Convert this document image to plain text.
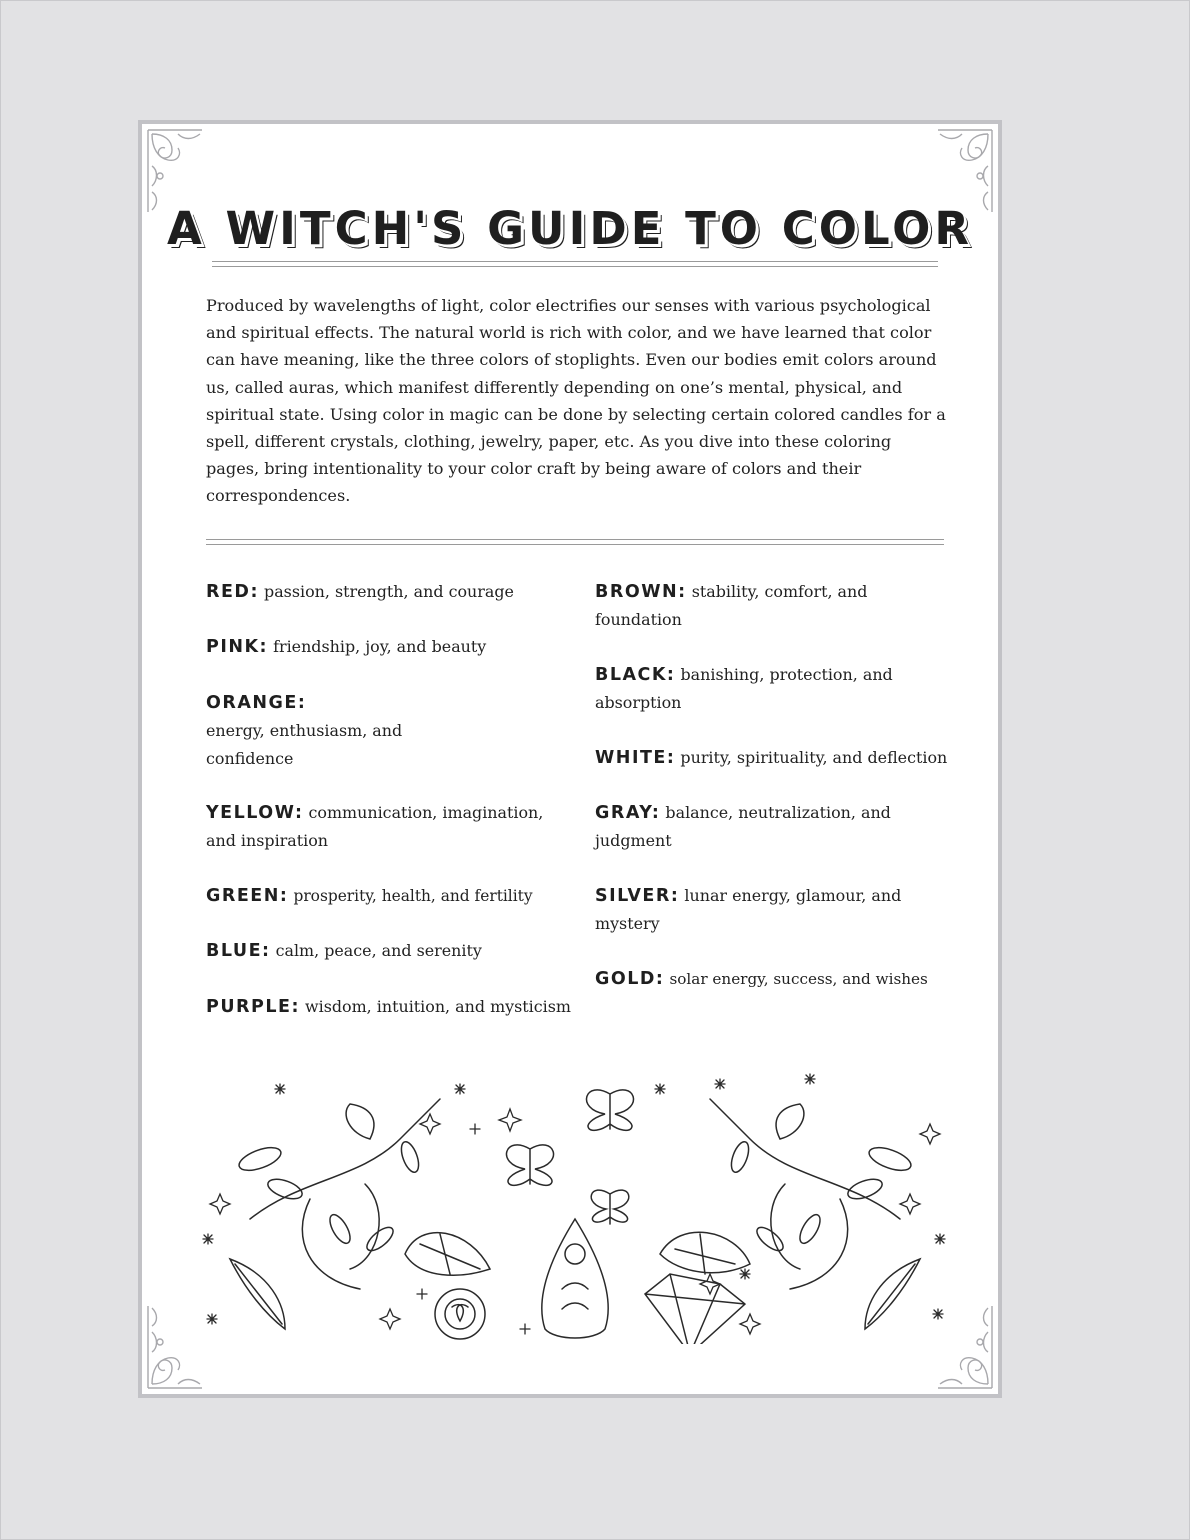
A WITCH'S GUIDE TO COLOR

Produced by wavelengths of light, color electrifies our senses with various psychological and spiritual effects. The natural world is rich with color, and we have learned that color can have meaning, like the three colors of stoplights. Even our bodies emit colors around us, called auras, which manifest differently depending on one’s mental, physical, and spiritual state. Using color in magic can be done by selecting certain colored candles for a spell, different crystals, clothing, jewelry, paper, etc. As you dive into these coloring pages, bring intentionality to your color craft by being aware of colors and their correspondences.

RED: passion, strength, and courage

PINK: friendship, joy, and beauty

ORANGE: energy, enthusiasm, and confidence

YELLOW: communication, imagination, and inspiration

GREEN: prosperity, health, and fertility

BLUE: calm, peace, and serenity

PURPLE: wisdom, intuition, and mysticism

BROWN: stability, comfort, and foundation

BLACK: banishing, protection, and absorption

WHITE: purity, spirituality, and deflection

GRAY: balance, neutralization, and judgment

SILVER: lunar energy, glamour, and mystery

GOLD: solar energy, success, and wishes
